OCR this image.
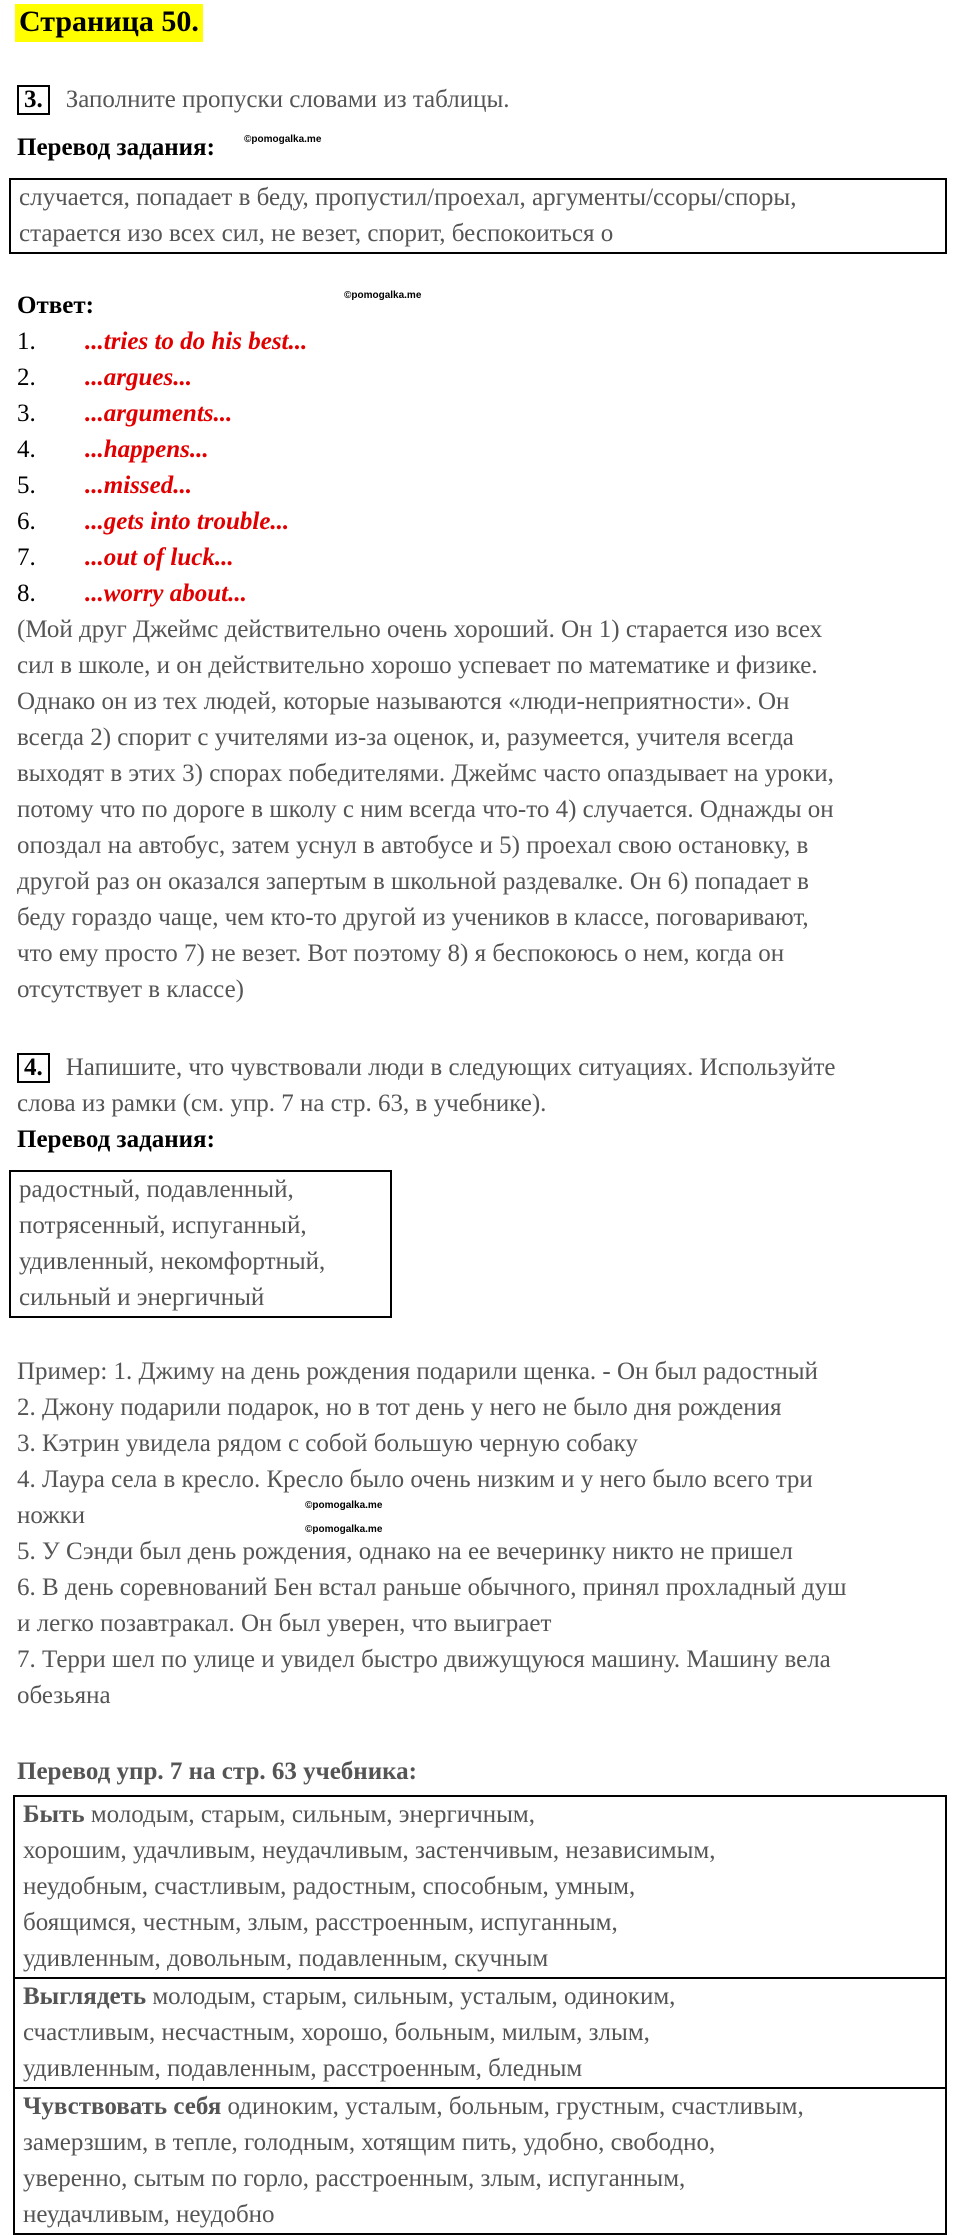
Страница 50.
3. Заполните пропуски словами из таблицы.
Перевод задания:	©pomogalka.me
случается, попадает в беду, пропустил/проехал, аргументы/ссоры/споры,
старается изо всех сил, не везет, спорит, беспокоиться о
Ответ:	©pomogalka.me
1. ...tries to do his best...
2. ...argues...
3. ...arguments...
4. ...happens...
5. ...missed...
6. ...gets into trouble...
7. ...out of luck...
8. ...worry about...
(Мой друг Джеймс действительно очень хороший. Он 1) старается изо всех
сил в школе, и он действительно хорошо успевает по математике и физике.
Однако он из тех людей, которые называются «люди-неприятности». Он
всегда 2) спорит с учителями из-за оценок, и, разумеется, учителя всегда
выходят в этих 3) спорах победителями. Джеймс часто опаздывает на уроки,
потому что по дороге в школу с ним всегда что-то 4) случается. Однажды он
опоздал на автобус, затем уснул в автобусе и 5) проехал свою остановку, в
другой раз он оказался запертым в школьной раздевалке. Он 6) попадает в
беду гораздо чаще, чем кто-то другой из учеников в классе, поговаривают,
что ему просто 7) не везет. Вот поэтому 8) я беспокоюсь о нем, когда он
отсутствует в классе)
4. Напишите, что чувствовали люди в следующих ситуациях. Используйте
слова из рамки (см. упр. 7 на стр. 63, в учебнике).
Перевод задания:
радостный, подавленный,
потрясенный, испуганный,
удивленный, некомфортный,
сильный и энергичный
Пример: 1. Джиму на день рождения подарили щенка. - Он был радостный
2. Джону подарили подарок, но в тот день у него не было дня рождения
3. Кэтрин увидела рядом с собой большую черную собаку
4. Лаура села в кресло. Кресло было очень низким и у него было всего три
ножки
5. У Сэнди был день рождения, однако на ее вечеринку никто не пришел
6. В день соревнований Бен встал раньше обычного, принял прохладный душ
и легко позавтракал. Он был уверен, что выиграет
7. Терри шел по улице и увидел быстро движущуюся машину. Машину вела
обезьяна
©pomogalka.me
©pomogalka.me
Перевод упр. 7 на стр. 63 учебника:
Быть молодым, старым, сильным, энергичным,
хорошим, удачливым, неудачливым, застенчивым, независимым,
неудобным, счастливым, радостным, способным, умным,
боящимся, честным, злым, расстроенным, испуганным,
удивленным, довольным, подавленным, скучным
Выглядеть молодым, старым, сильным, усталым, одиноким,
счастливым, несчастным, хорошо, больным, милым, злым,
удивленным, подавленным, расстроенным, бледным
Чувствовать себя одиноким, усталым, больным, грустным, счастливым,
замерзшим, в тепле, голодным, хотящим пить, удобно, свободно,
уверенно, сытым по горло, расстроенным, злым, испуганным,
неудачливым, неудобно
